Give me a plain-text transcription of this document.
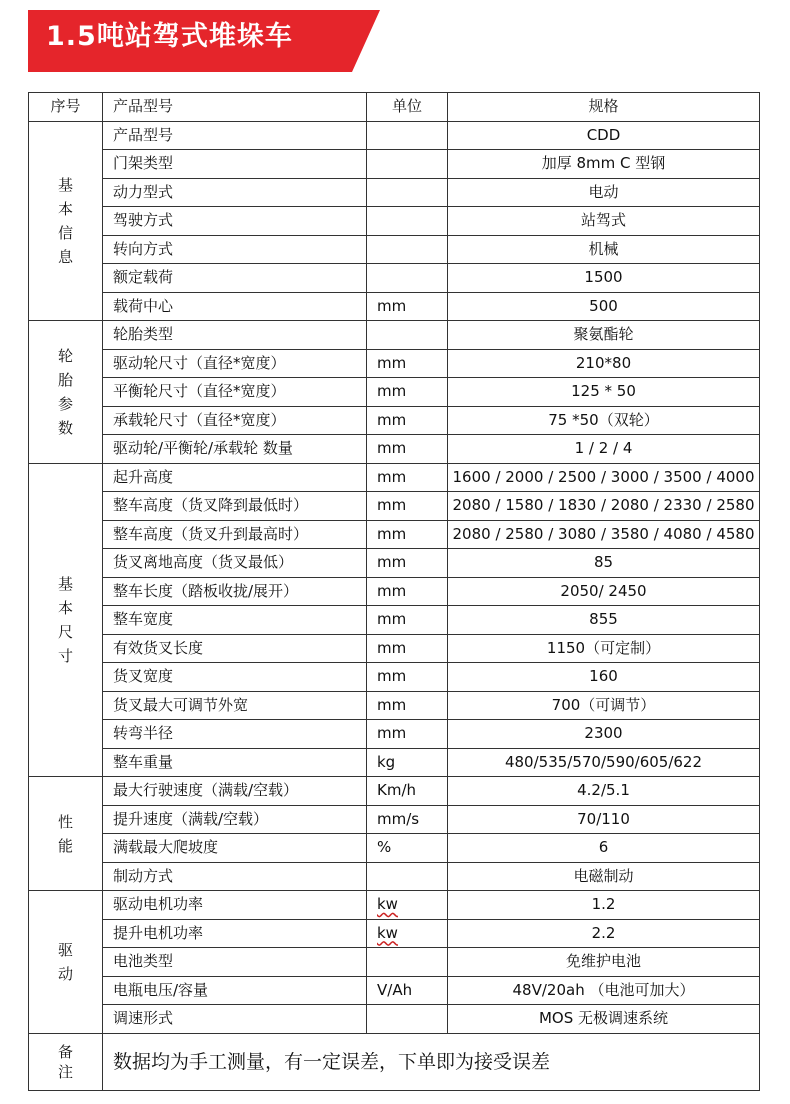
1.5吨站驾式堆垛车
序号	产品型号	单位	规格
基
本
信
息	产品型号		CDD
	门架类型		加厚 8mm C 型钢
	动力型式		电动
	驾驶方式		站驾式
	转向方式		机械
	额定载荷		1500
	载荷中心	mm	500
轮
胎
参
数	轮胎类型		聚氨酯轮
	驱动轮尺寸（直径*宽度）	mm	210*80
	平衡轮尺寸（直径*宽度）	mm	125 * 50
	承载轮尺寸（直径*宽度）	mm	75 *50（双轮）
	驱动轮/平衡轮/承载轮 数量	mm	1 / 2 / 4
基
本
尺
寸	起升高度	mm	1600 / 2000 / 2500 / 3000 / 3500 / 4000
	整车高度（货叉降到最低时）	mm	2080 / 1580 / 1830 / 2080 / 2330 / 2580
	整车高度（货叉升到最高时）	mm	2080 / 2580 / 3080 / 3580 / 4080 / 4580
	货叉离地高度（货叉最低）	mm	85
	整车长度（踏板收拢/展开）	mm	2050/ 2450
	整车宽度	mm	855
	有效货叉长度	mm	1150（可定制）
	货叉宽度	mm	160
	货叉最大可调节外宽	mm	700（可调节）
	转弯半径	mm	2300
	整车重量	kg	480/535/570/590/605/622
性
能	最大行驶速度（满载/空载）	Km/h	4.2/5.1
	提升速度（满载/空载）	mm/s	70/110
	满载最大爬坡度	%	6
	制动方式		电磁制动
驱
动	驱动电机功率	kw	1.2
	提升电机功率	kw	2.2
	电池类型		免维护电池
	电瓶电压/容量	V/Ah	48V/20ah （电池可加大）
	调速形式		MOS 无极调速系统
备
注	数据均为手工测量，有一定误差，下单即为接受误差		
